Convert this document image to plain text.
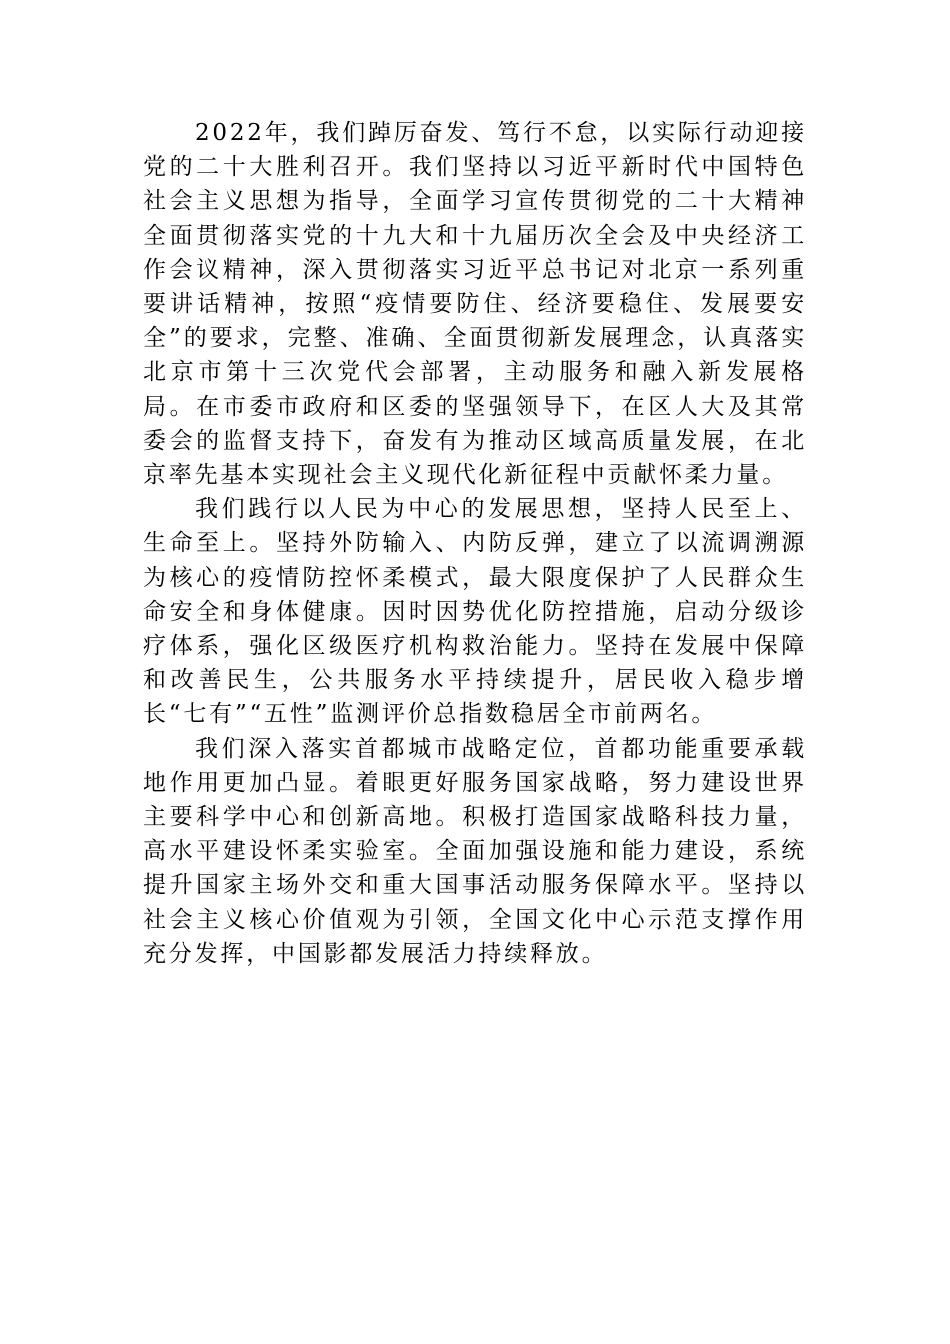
2022年，我们踔厉奋发、笃行不怠，以实际行动迎接党的二十大胜利召开。我们坚持以习近平新时代中国特色社会主义思想为指导，全面学习宣传贯彻党的二十大精神全面贯彻落实党的十九大和十九届历次全会及中央经济工作会议精神，深入贯彻落实习近平总书记对北京一系列重要讲话精神，按照“疫情要防住、经济要稳住、发展要安全”的要求，完整、准确、全面贯彻新发展理念，认真落实北京市第十三次党代会部署，主动服务和融入新发展格局。在市委市政府和区委的坚强领导下，在区人大及其常委会的监督支持下，奋发有为推动区域高质量发展，在北京率先基本实现社会主义现代化新征程中贡献怀柔力量。

我们践行以人民为中心的发展思想，坚持人民至上、生命至上。坚持外防输入、内防反弹，建立了以流调溯源为核心的疫情防控怀柔模式，最大限度保护了人民群众生命安全和身体健康。因时因势优化防控措施，启动分级诊疗体系，强化区级医疗机构救治能力。坚持在发展中保障和改善民生，公共服务水平持续提升，居民收入稳步增长“七有”“五性”监测评价总指数稳居全市前两名。

我们深入落实首都城市战略定位，首都功能重要承载地作用更加凸显。着眼更好服务国家战略，努力建设世界主要科学中心和创新高地。积极打造国家战略科技力量，高水平建设怀柔实验室。全面加强设施和能力建设，系统提升国家主场外交和重大国事活动服务保障水平。坚持以社会主义核心价值观为引领，全国文化中心示范支撑作用充分发挥，中国影都发展活力持续释放。
